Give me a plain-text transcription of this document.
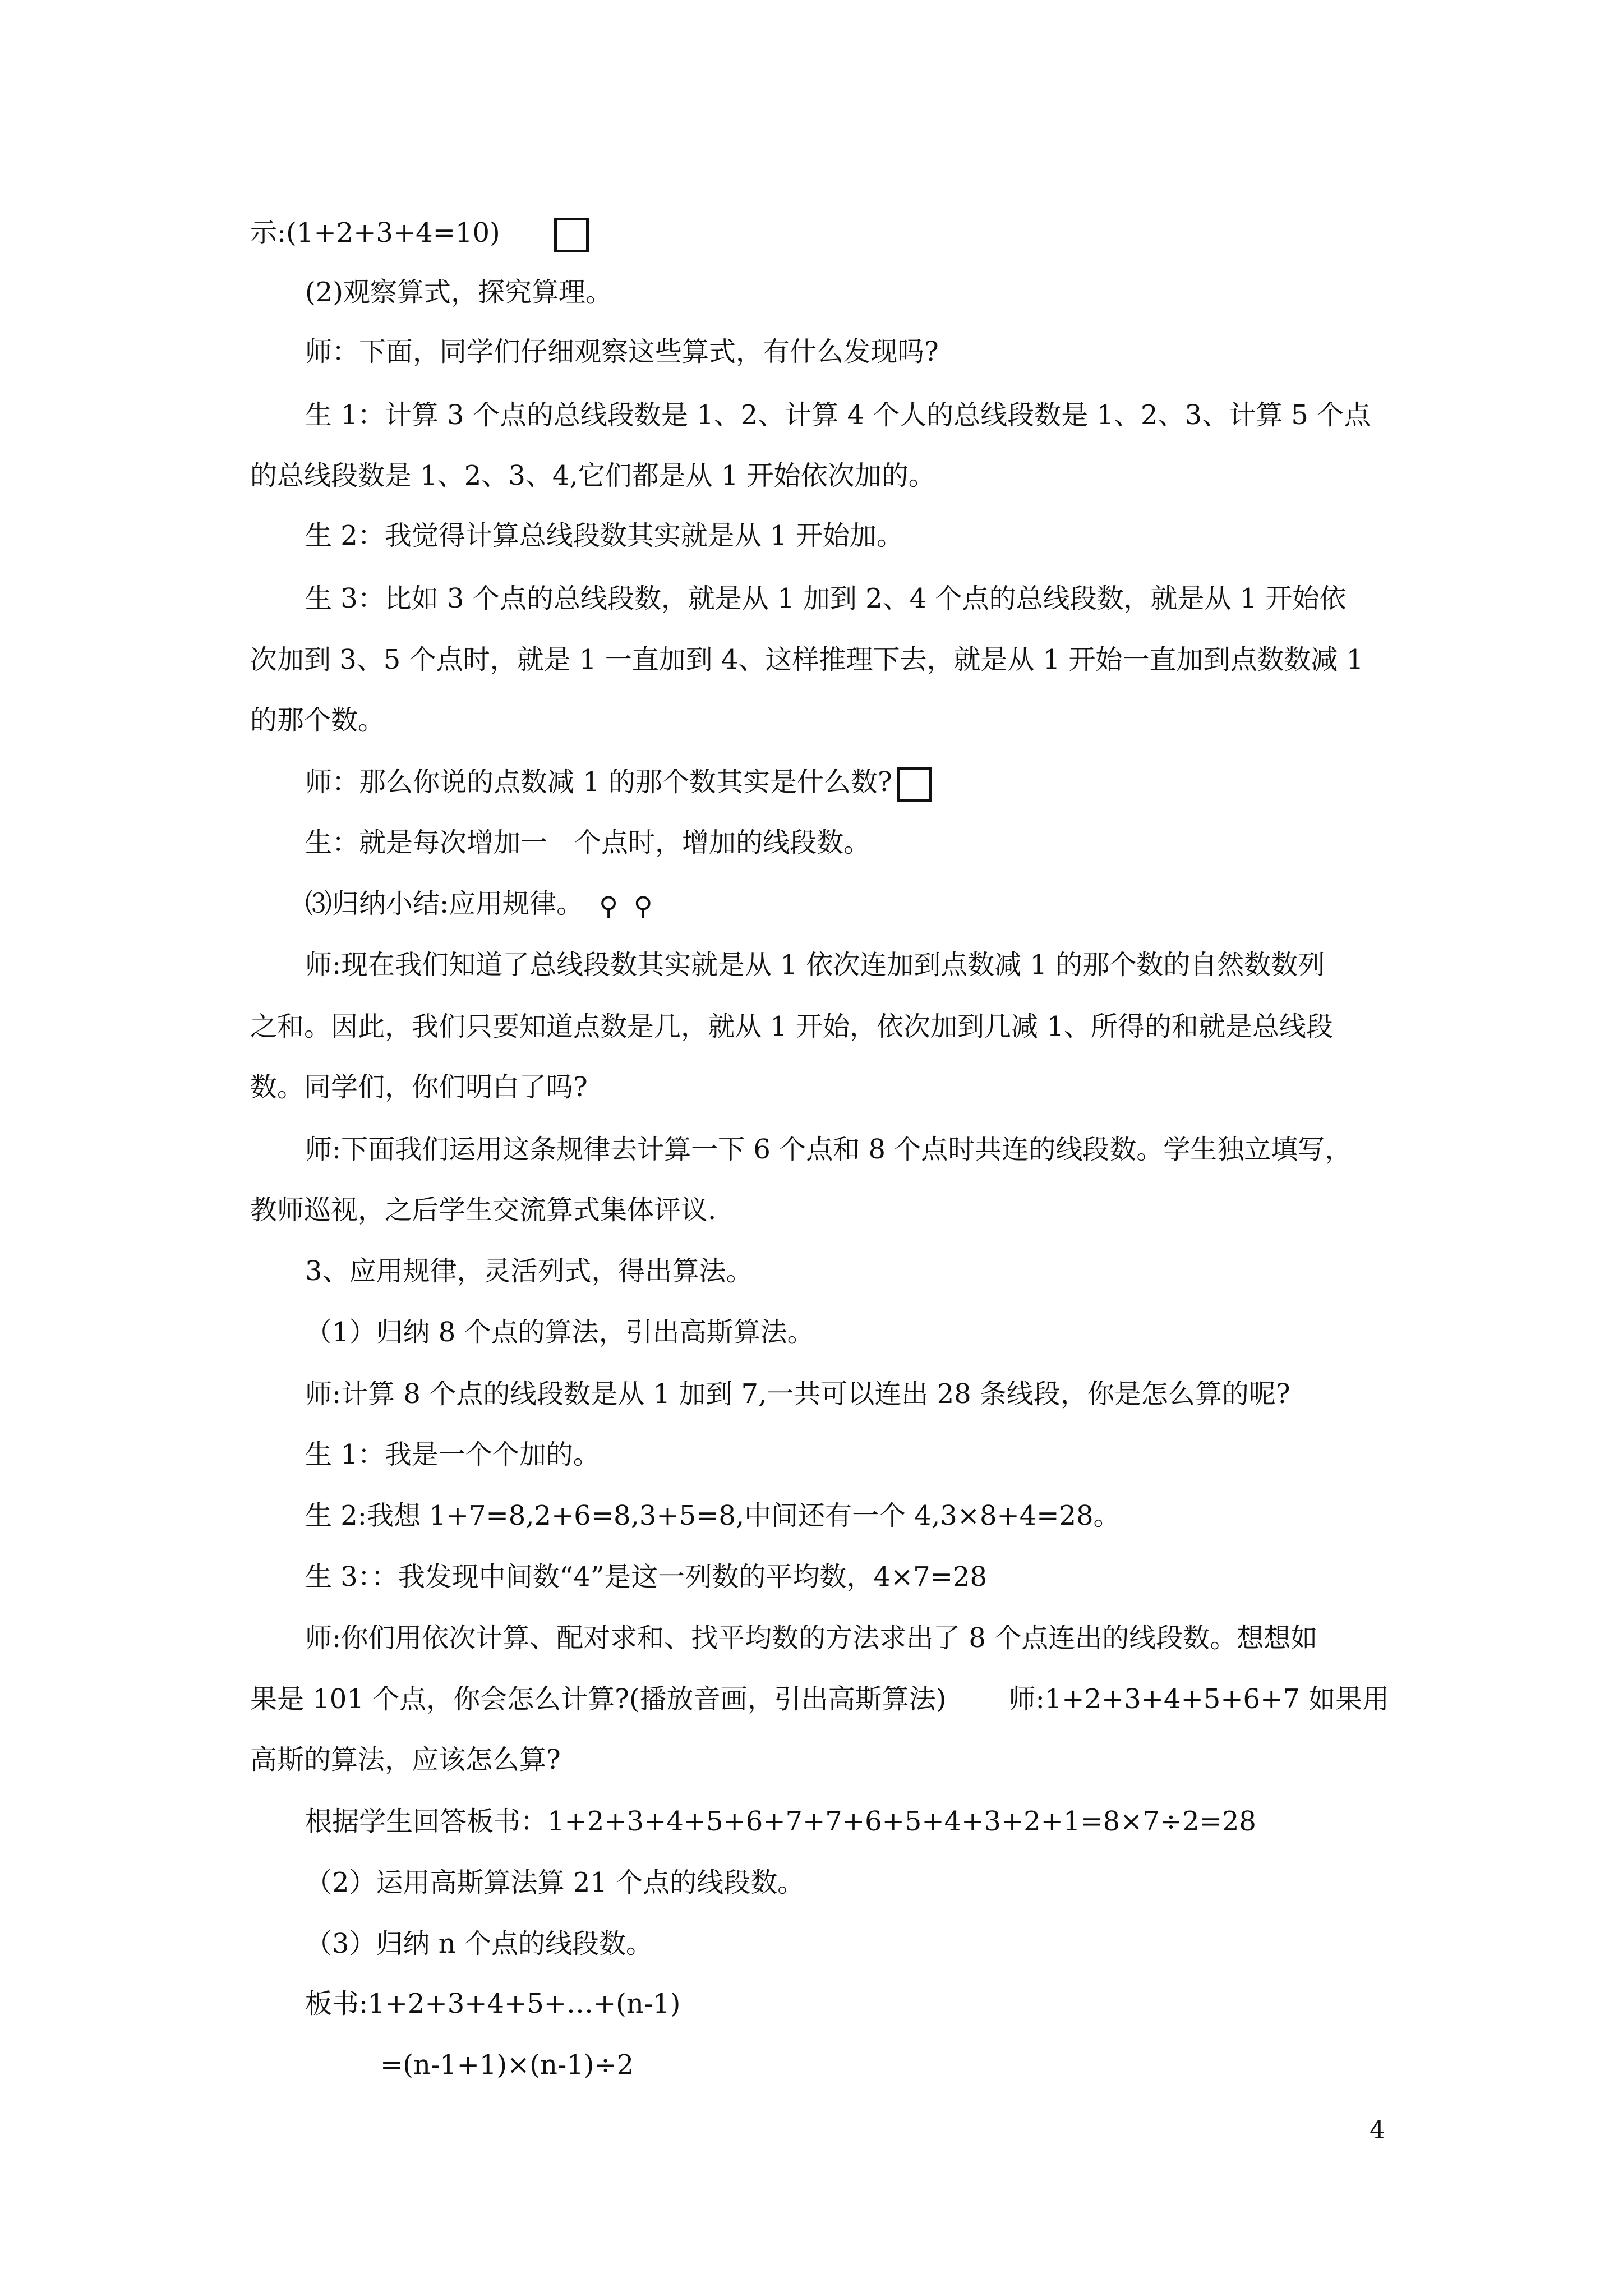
示:(1+2+3+4=10)

(2)观察算式，探究算理。

师：下面，同学们仔细观察这些算式，有什么发现吗?

生 1：计算 3 个点的总线段数是 1、2、计算 4 个人的总线段数是 1、2、3、计算 5 个点

的总线段数是 1、2、3、4,它们都是从 1 开始依次加的。

生 2：我觉得计算总线段数其实就是从 1 开始加。

生 3：比如 3 个点的总线段数，就是从 1 加到 2、4 个点的总线段数，就是从 1 开始依

次加到 3、5 个点时，就是 1 一直加到 4、这样推理下去，就是从 1 开始一直加到点数数减 1

的那个数。

师：那么你说的点数减 1 的那个数其实是什么数?

生：就是每次增加一　个点时，增加的线段数。

⑶归纳小结:应用规律。 ⚲ ⚲

师:现在我们知道了总线段数其实就是从 1 依次连加到点数减 1 的那个数的自然数数列

之和。因此，我们只要知道点数是几，就从 1 开始，依次加到几减 1、所得的和就是总线段

数。同学们，你们明白了吗?

师:下面我们运用这条规律去计算一下 6 个点和 8 个点时共连的线段数。学生独立填写，

教师巡视，之后学生交流算式集体评议.

3、应用规律，灵活列式，得出算法。

（1）归纳 8 个点的算法，引出高斯算法。

师:计算 8 个点的线段数是从 1 加到 7,一共可以连出 28 条线段，你是怎么算的呢?

生 1：我是一个个加的。

生 2:我想 1+7=8,2+6=8,3+5=8,中间还有一个 4,3×8+4=28。

生 3：：我发现中间数“4”是这一列数的平均数，4×7=28

师:你们用依次计算、配对求和、找平均数的方法求出了 8 个点连出的线段数。想想如

果是 101 个点，你会怎么计算?(播放音画，引出高斯算法)　　 师:1+2+3+4+5+6+7 如果用

高斯的算法，应该怎么算?

根据学生回答板书：1+2+3+4+5+6+7+7+6+5+4+3+2+1=8×7÷2=28

（2）运用高斯算法算 21 个点的线段数。

（3）归纳 n 个点的线段数。

板书:1+2+3+4+5+…+(n-1)

=(n-1+1)×(n-1)÷2

4
